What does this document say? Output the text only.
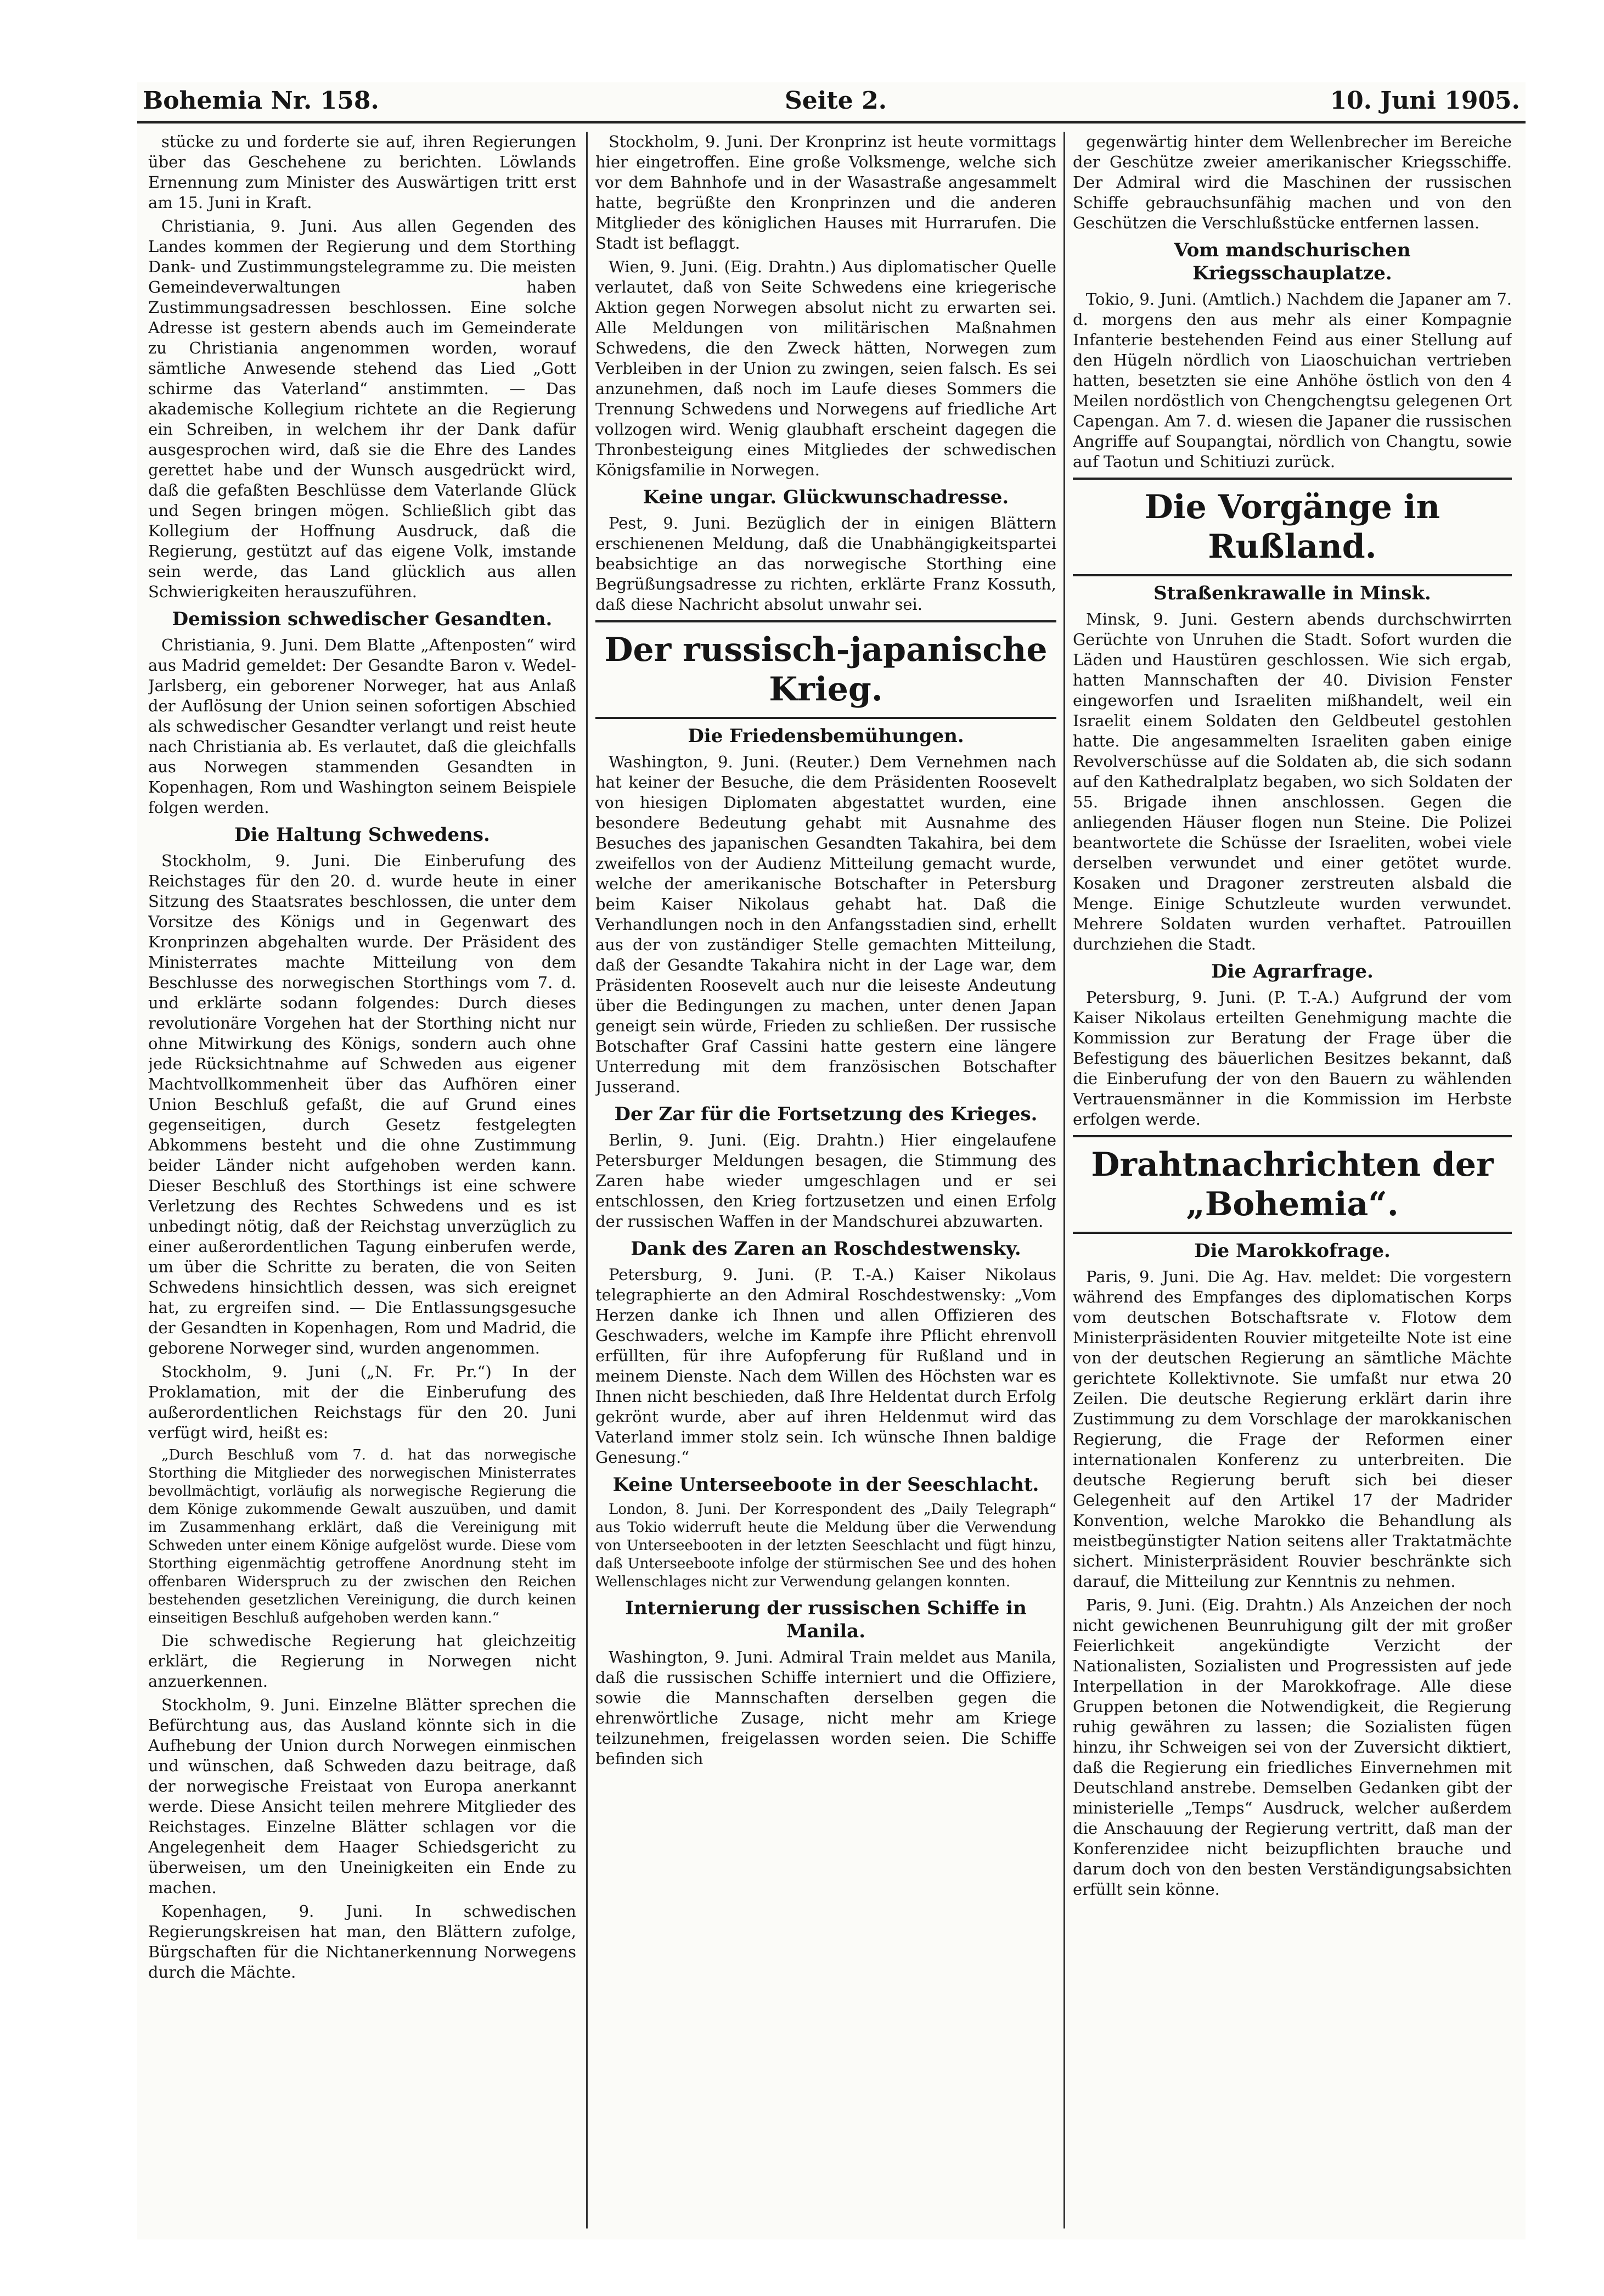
Bohemia Nr. 158.	Seite 2.	10. Juni 1905.

stücke zu und forderte sie auf, ihren Regierungen über das Geschehene zu berichten. Löwlands Ernennung zum Minister des Auswärtigen tritt erst am 15. Juni in Kraft.

Christiania, 9. Juni. Aus allen Gegenden des Landes kommen der Regierung und dem Storthing Dank- und Zustimmungstelegramme zu. Die meisten Gemeindeverwaltungen haben Zustimmungsadressen beschlossen. Eine solche Adresse ist gestern abends auch im Gemeinderate zu Christiania angenommen worden, worauf sämtliche Anwesende stehend das Lied „Gott schirme das Vaterland“ anstimmten. — Das akademische Kollegium richtete an die Regierung ein Schreiben, in welchem ihr der Dank dafür ausgesprochen wird, daß sie die Ehre des Landes gerettet habe und der Wunsch ausgedrückt wird, daß die gefaßten Beschlüsse dem Vaterlande Glück und Segen bringen mögen. Schließlich gibt das Kollegium der Hoffnung Ausdruck, daß die Regierung, gestützt auf das eigene Volk, imstande sein werde, das Land glücklich aus allen Schwierigkeiten herauszuführen.

Demission schwedischer Gesandten.

Christiania, 9. Juni. Dem Blatte „Aftenposten“ wird aus Madrid gemeldet: Der Gesandte Baron v. Wedel-Jarlsberg, ein geborener Norweger, hat aus Anlaß der Auflösung der Union seinen sofortigen Abschied als schwedischer Gesandter verlangt und reist heute nach Christiania ab. Es verlautet, daß die gleichfalls aus Norwegen stammenden Gesandten in Kopenhagen, Rom und Washington seinem Beispiele folgen werden.

Die Haltung Schwedens.

Stockholm, 9. Juni. Die Einberufung des Reichstages für den 20. d. wurde heute in einer Sitzung des Staatsrates beschlossen, die unter dem Vorsitze des Königs und in Gegenwart des Kronprinzen abgehalten wurde. Der Präsident des Ministerrates machte Mitteilung von dem Beschlusse des norwegischen Storthings vom 7. d. und erklärte sodann folgendes: Durch dieses revolutionäre Vorgehen hat der Storthing nicht nur ohne Mitwirkung des Königs, sondern auch ohne jede Rücksichtnahme auf Schweden aus eigener Machtvollkommenheit über das Aufhören einer Union Beschluß gefaßt, die auf Grund eines gegenseitigen, durch Gesetz festgelegten Abkommens besteht und die ohne Zustimmung beider Länder nicht aufgehoben werden kann. Dieser Beschluß des Storthings ist eine schwere Verletzung des Rechtes Schwedens und es ist unbedingt nötig, daß der Reichstag unverzüglich zu einer außerordentlichen Tagung einberufen werde, um über die Schritte zu beraten, die von Seiten Schwedens hinsichtlich dessen, was sich ereignet hat, zu ergreifen sind. — Die Entlassungsgesuche der Gesandten in Kopenhagen, Rom und Madrid, die geborene Norweger sind, wurden angenommen.

Stockholm, 9. Juni („N. Fr. Pr.“) In der Proklamation, mit der die Einberufung des außerordentlichen Reichstags für den 20. Juni verfügt wird, heißt es:

„Durch Beschluß vom 7. d. hat das norwegische Storthing die Mitglieder des norwegischen Ministerrates bevollmächtigt, vorläufig als norwegische Regierung die dem Könige zukommende Gewalt auszuüben, und damit im Zusammenhang erklärt, daß die Vereinigung mit Schweden unter einem Könige aufgelöst wurde. Diese vom Storthing eigenmächtig getroffene Anordnung steht im offenbaren Widerspruch zu der zwischen den Reichen bestehenden gesetzlichen Vereinigung, die durch keinen einseitigen Beschluß aufgehoben werden kann.“

Die schwedische Regierung hat gleichzeitig erklärt, die Regierung in Norwegen nicht anzuerkennen.

Stockholm, 9. Juni. Einzelne Blätter sprechen die Befürchtung aus, das Ausland könnte sich in die Aufhebung der Union durch Norwegen einmischen und wünschen, daß Schweden dazu beitrage, daß der norwegische Freistaat von Europa anerkannt werde. Diese Ansicht teilen mehrere Mitglieder des Reichstages. Einzelne Blätter schlagen vor die Angelegenheit dem Haager Schiedsgericht zu überweisen, um den Uneinigkeiten ein Ende zu machen.

Kopenhagen, 9. Juni. In schwedischen Regierungskreisen hat man, den Blättern zufolge, Bürgschaften für die Nichtanerkennung Norwegens durch die Mächte.

Stockholm, 9. Juni. Der Kronprinz ist heute vormittags hier eingetroffen. Eine große Volksmenge, welche sich vor dem Bahnhofe und in der Wasastraße angesammelt hatte, begrüßte den Kronprinzen und die anderen Mitglieder des königlichen Hauses mit Hurrarufen. Die Stadt ist beflaggt.

Wien, 9. Juni. (Eig. Drahtn.) Aus diplomatischer Quelle verlautet, daß von Seite Schwedens eine kriegerische Aktion gegen Norwegen absolut nicht zu erwarten sei. Alle Meldungen von militärischen Maßnahmen Schwedens, die den Zweck hätten, Norwegen zum Verbleiben in der Union zu zwingen, seien falsch. Es sei anzunehmen, daß noch im Laufe dieses Sommers die Trennung Schwedens und Norwegens auf friedliche Art vollzogen wird. Wenig glaubhaft erscheint dagegen die Thronbesteigung eines Mitgliedes der schwedischen Königsfamilie in Norwegen.

Keine ungar. Glückwunschadresse.

Pest, 9. Juni. Bezüglich der in einigen Blättern erschienenen Meldung, daß die Unabhängigkeitspartei beabsichtige an das norwegische Storthing eine Begrüßungsadresse zu richten, erklärte Franz Kossuth, daß diese Nachricht absolut unwahr sei.

Der russisch-japanische Krieg.
Die Friedensbemühungen.

Washington, 9. Juni. (Reuter.) Dem Vernehmen nach hat keiner der Besuche, die dem Präsidenten Roosevelt von hiesigen Diplomaten abgestattet wurden, eine besondere Bedeutung gehabt mit Ausnahme des Besuches des japanischen Gesandten Takahira, bei dem zweifellos von der Audienz Mitteilung gemacht wurde, welche der amerikanische Botschafter in Petersburg beim Kaiser Nikolaus gehabt hat. Daß die Verhandlungen noch in den Anfangsstadien sind, erhellt aus der von zuständiger Stelle gemachten Mitteilung, daß der Gesandte Takahira nicht in der Lage war, dem Präsidenten Roosevelt auch nur die leiseste Andeutung über die Bedingungen zu machen, unter denen Japan geneigt sein würde, Frieden zu schließen. Der russische Botschafter Graf Cassini hatte gestern eine längere Unterredung mit dem französischen Botschafter Jusserand.

Der Zar für die Fortsetzung des Krieges.

Berlin, 9. Juni. (Eig. Drahtn.) Hier eingelaufene Petersburger Meldungen besagen, die Stimmung des Zaren habe wieder umgeschlagen und er sei entschlossen, den Krieg fortzusetzen und einen Erfolg der russischen Waffen in der Mandschurei abzuwarten.

Dank des Zaren an Roschdestwensky.

Petersburg, 9. Juni. (P. T.-A.) Kaiser Nikolaus telegraphierte an den Admiral Roschdestwensky: „Vom Herzen danke ich Ihnen und allen Offizieren des Geschwaders, welche im Kampfe ihre Pflicht ehrenvoll erfüllten, für ihre Aufopferung für Rußland und in meinem Dienste. Nach dem Willen des Höchsten war es Ihnen nicht beschieden, daß Ihre Heldentat durch Erfolg gekrönt wurde, aber auf ihren Heldenmut wird das Vaterland immer stolz sein. Ich wünsche Ihnen baldige Genesung.“

Keine Unterseeboote in der Seeschlacht.

London, 8. Juni. Der Korrespondent des „Daily Telegraph“ aus Tokio widerruft heute die Meldung über die Verwendung von Unterseebooten in der letzten Seeschlacht und fügt hinzu, daß Unterseeboote infolge der stürmischen See und des hohen Wellenschlages nicht zur Verwendung gelangen konnten.

Internierung der russischen Schiffe in Manila.

Washington, 9. Juni. Admiral Train meldet aus Manila, daß die russischen Schiffe interniert und die Offiziere, sowie die Mannschaften derselben gegen die ehrenwörtliche Zusage, nicht mehr am Kriege teilzunehmen, freigelassen worden seien. Die Schiffe befinden sich

gegenwärtig hinter dem Wellenbrecher im Bereiche der Geschütze zweier amerikanischer Kriegsschiffe. Der Admiral wird die Maschinen der russischen Schiffe gebrauchsunfähig machen und von den Geschützen die Verschlußstücke entfernen lassen.

Vom mandschurischen Kriegsschauplatze.

Tokio, 9. Juni. (Amtlich.) Nachdem die Japaner am 7. d. morgens den aus mehr als einer Kompagnie Infanterie bestehenden Feind aus einer Stellung auf den Hügeln nördlich von Liaoschuichan vertrieben hatten, besetzten sie eine Anhöhe östlich von den 4 Meilen nordöstlich von Chengchengtsu gelegenen Ort Capengan. Am 7. d. wiesen die Japaner die russischen Angriffe auf Soupangtai, nördlich von Changtu, sowie auf Taotun und Schitiuzi zurück.

Die Vorgänge in Rußland.
Straßenkrawalle in Minsk.

Minsk, 9. Juni. Gestern abends durchschwirrten Gerüchte von Unruhen die Stadt. Sofort wurden die Läden und Haustüren geschlossen. Wie sich ergab, hatten Mannschaften der 40. Division Fenster eingeworfen und Israeliten mißhandelt, weil ein Israelit einem Soldaten den Geldbeutel gestohlen hatte. Die angesammelten Israeliten gaben einige Revolverschüsse auf die Soldaten ab, die sich sodann auf den Kathedralplatz begaben, wo sich Soldaten der 55. Brigade ihnen anschlossen. Gegen die anliegenden Häuser flogen nun Steine. Die Polizei beantwortete die Schüsse der Israeliten, wobei viele derselben verwundet und einer getötet wurde. Kosaken und Dragoner zerstreuten alsbald die Menge. Einige Schutzleute wurden verwundet. Mehrere Soldaten wurden verhaftet. Patrouillen durchziehen die Stadt.

Die Agrarfrage.

Petersburg, 9. Juni. (P. T.-A.) Aufgrund der vom Kaiser Nikolaus erteilten Genehmigung machte die Kommission zur Beratung der Frage über die Befestigung des bäuerlichen Besitzes bekannt, daß die Einberufung der von den Bauern zu wählenden Vertrauensmänner in die Kommission im Herbste erfolgen werde.

Drahtnachrichten der „Bohemia“.
Die Marokkofrage.

Paris, 9. Juni. Die Ag. Hav. meldet: Die vorgestern während des Empfanges des diplomatischen Korps vom deutschen Botschaftsrate v. Flotow dem Ministerpräsidenten Rouvier mitgeteilte Note ist eine von der deutschen Regierung an sämtliche Mächte gerichtete Kollektivnote. Sie umfaßt nur etwa 20 Zeilen. Die deutsche Regierung erklärt darin ihre Zustimmung zu dem Vorschlage der marokkanischen Regierung, die Frage der Reformen einer internationalen Konferenz zu unterbreiten. Die deutsche Regierung beruft sich bei dieser Gelegenheit auf den Artikel 17 der Madrider Konvention, welche Marokko die Behandlung als meistbegünstigter Nation seitens aller Traktatmächte sichert. Ministerpräsident Rouvier beschränkte sich darauf, die Mitteilung zur Kenntnis zu nehmen.

Paris, 9. Juni. (Eig. Drahtn.) Als Anzeichen der noch nicht gewichenen Beunruhigung gilt der mit großer Feierlichkeit angekündigte Verzicht der Nationalisten, Sozialisten und Progressisten auf jede Interpellation in der Marokkofrage. Alle diese Gruppen betonen die Notwendigkeit, die Regierung ruhig gewähren zu lassen; die Sozialisten fügen hinzu, ihr Schweigen sei von der Zuversicht diktiert, daß die Regierung ein friedliches Einvernehmen mit Deutschland anstrebe. Demselben Gedanken gibt der ministerielle „Temps“ Ausdruck, welcher außerdem die Anschauung der Regierung vertritt, daß man der Konferenzidee nicht beizupflichten brauche und darum doch von den besten Verständigungsabsichten erfüllt sein könne.
